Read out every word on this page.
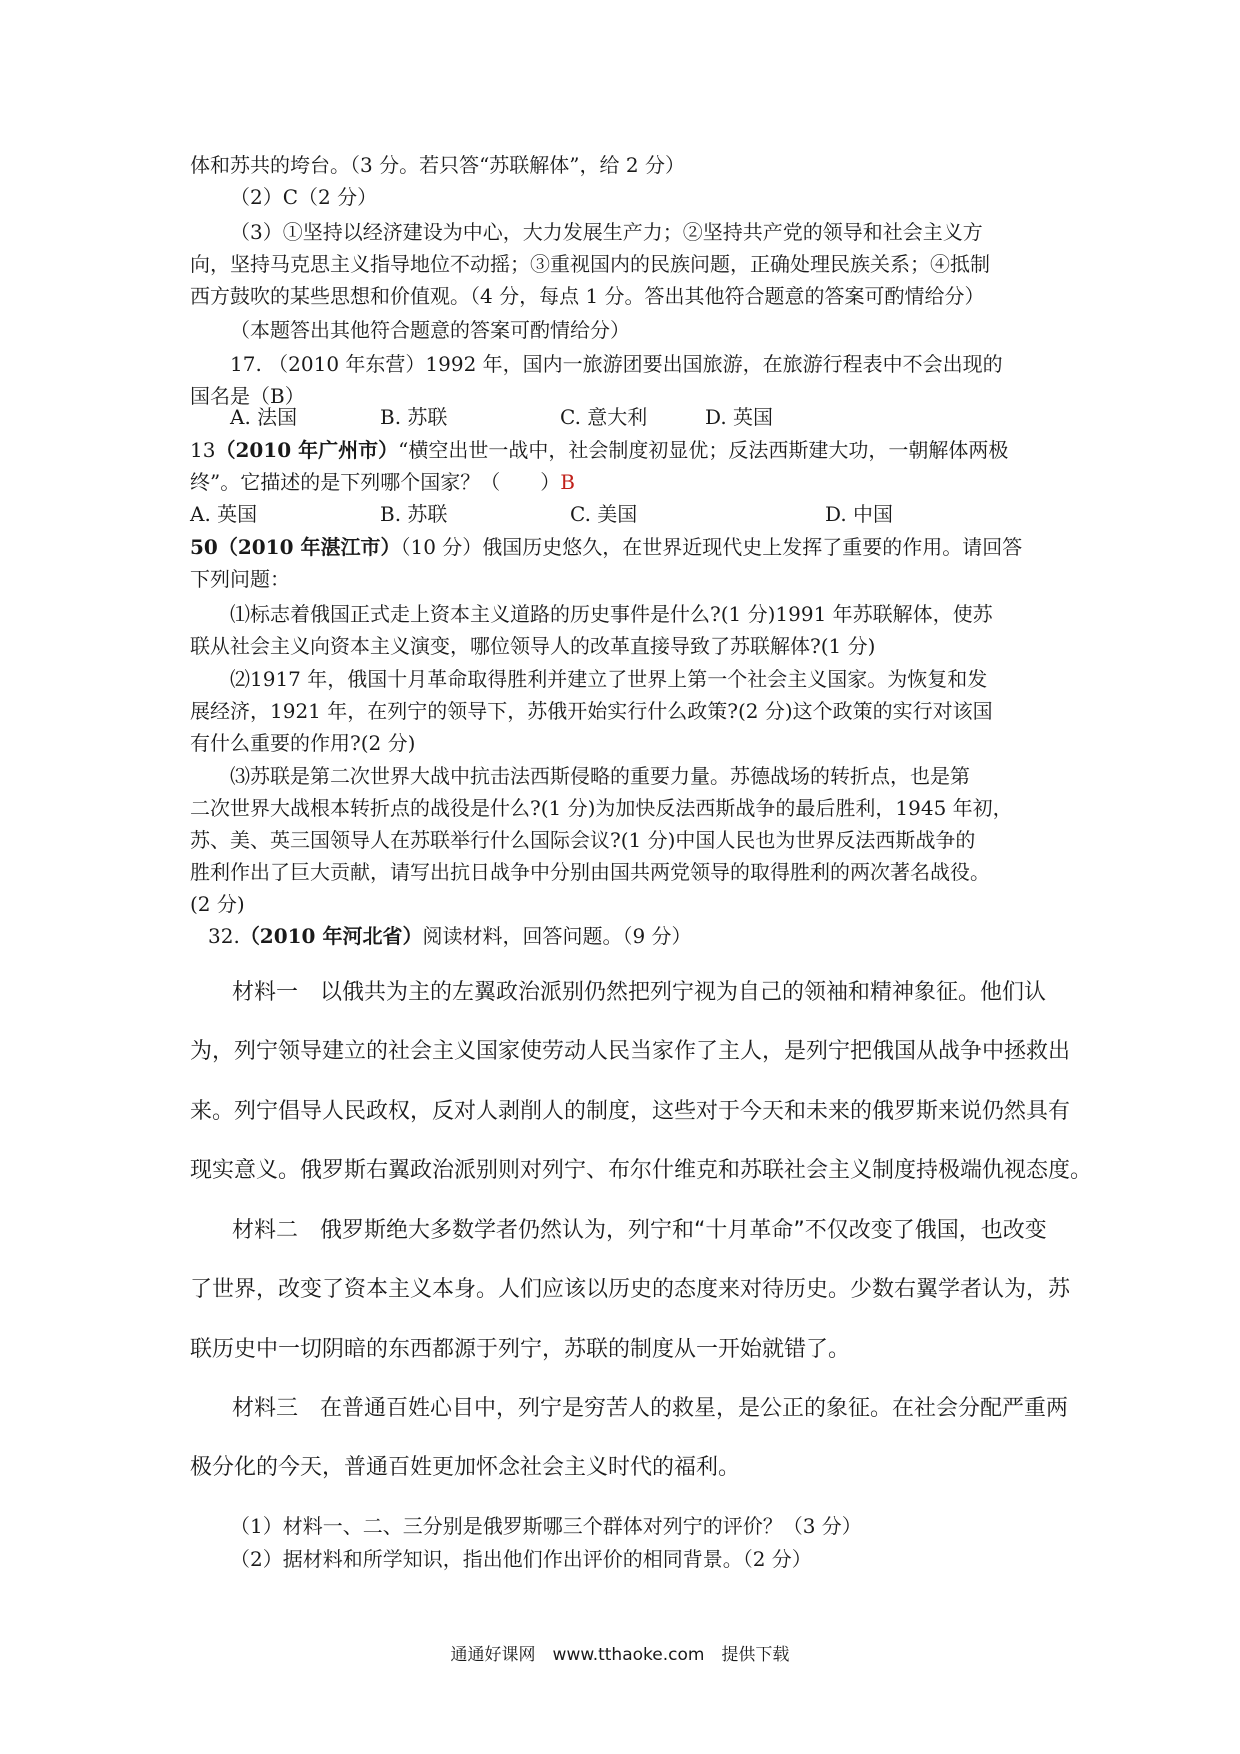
体和苏共的垮台。（3 分。若只答“苏联解体”，给 2 分）
（2）C（2 分）
（3）①坚持以经济建设为中心，大力发展生产力；②坚持共产党的领导和社会主义方
向，坚持马克思主义指导地位不动摇；③重视国内的民族问题，正确处理民族关系；④抵制
西方鼓吹的某些思想和价值观。（4 分，每点 1 分。答出其他符合题意的答案可酌情给分）
（本题答出其他符合题意的答案可酌情给分）
17. （2010 年东营）1992 年，国内一旅游团要出国旅游，在旅游行程表中不会出现的
国名是（B）
A. 法国	B. 苏联	C. 意大利	D. 英国
13（2010 年广州市）“横空出世一战中，社会制度初显优；反法西斯建大功，一朝解体两极
终”。它描述的是下列哪个国家？（　　）B
A. 英国	B. 苏联	C. 美国	D. 中国
50（2010 年湛江市）（10 分）俄国历史悠久，在世界近现代史上发挥了重要的作用。请回答
下列问题：
⑴标志着俄国正式走上资本主义道路的历史事件是什么?(1 分)1991 年苏联解体，使苏
联从社会主义向资本主义演变，哪位领导人的改革直接导致了苏联解体?(1 分)
⑵1917 年，俄国十月革命取得胜利并建立了世界上第一个社会主义国家。为恢复和发
展经济，1921 年，在列宁的领导下，苏俄开始实行什么政策?(2 分)这个政策的实行对该国
有什么重要的作用?(2 分)
⑶苏联是第二次世界大战中抗击法西斯侵略的重要力量。苏德战场的转折点，也是第
二次世界大战根本转折点的战役是什么?(1 分)为加快反法西斯战争的最后胜利，1945 年初，
苏、美、英三国领导人在苏联举行什么国际会议?(1 分)中国人民也为世界反法西斯战争的
胜利作出了巨大贡献，请写出抗日战争中分别由国共两党领导的取得胜利的两次著名战役。
(2 分)
32.（2010 年河北省）阅读材料，回答问题。（9 分）
材料一　以俄共为主的左翼政治派别仍然把列宁视为自己的领袖和精神象征。他们认
为，列宁领导建立的社会主义国家使劳动人民当家作了主人，是列宁把俄国从战争中拯救出
来。列宁倡导人民政权，反对人剥削人的制度，这些对于今天和未来的俄罗斯来说仍然具有
现实意义。俄罗斯右翼政治派别则对列宁、布尔什维克和苏联社会主义制度持极端仇视态度。
材料二　俄罗斯绝大多数学者仍然认为，列宁和“十月革命”不仅改变了俄国，也改变
了世界，改变了资本主义本身。人们应该以历史的态度来对待历史。少数右翼学者认为，苏
联历史中一切阴暗的东西都源于列宁，苏联的制度从一开始就错了。
材料三　在普通百姓心目中，列宁是穷苦人的救星，是公正的象征。在社会分配严重两
极分化的今天，普通百姓更加怀念社会主义时代的福利。
（1）材料一、二、三分别是俄罗斯哪三个群体对列宁的评价？（3 分）
（2）据材料和所学知识，指出他们作出评价的相同背景。（2 分）
通通好课网　www.tthaoke.com　提供下载
